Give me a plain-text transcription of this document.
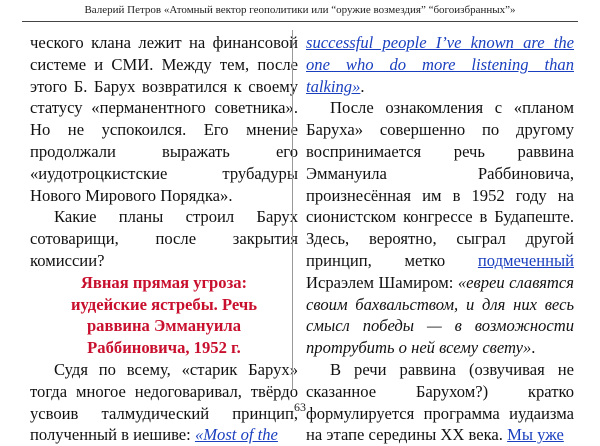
Валерий Петров «Атомный вектор геополитики или “оружие возмездия” “богоизбранных”»

ческого клана лежит на финансовой системе и СМИ. Между тем, после этого Б. Барух возвратился к своему статусу «перманентного советника». Но не успокоился. Его мнение продолжали выражать его «иудотроцкистские трубадуры Нового Мирового Порядка».

Какие планы строил Барух сотоварищи, после закрытия комиссии?

Явная прямая угроза: иудейские ястребы. Речь раввина Эммануила Раббиновича, 1952 г.

Судя по всему, «старик Барух» тогда многое недоговаривал, твёрдо усвоив талмудический принцип, полученный в иешиве: «Most of the

successful people I’ve known are the one who do more listening than talking».

После ознакомления с «планом Баруха» совершенно по другому воспринимается речь раввина Эммануила Раббиновича, произнесённая им в 1952 году на сионистском конгрессе в Будапеште. Здесь, вероятно, сыграл другой принцип, метко подмеченный Исраэлем Шамиром: «евреи славятся своим бахвальством, и для них весь смысл победы — в возможности протрубить о ней всему свету».

В речи раввина (озвучивая не сказанное Барухом?) кратко формулируется программа иудаизма на этапе середины XX века. Мы уже

63
